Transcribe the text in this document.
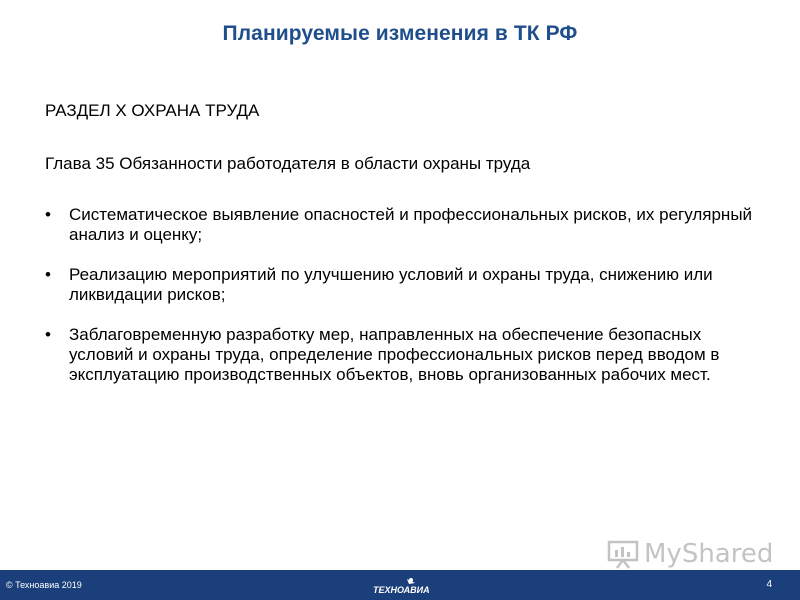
Планируемые изменения в ТК РФ
РАЗДЕЛ X ОХРАНА ТРУДА
Глава 35 Обязанности работодателя в области охраны труда
• Систематическое выявление опасностей и профессиональных рисков, их регулярный анализ и оценку;
• Реализацию мероприятий по улучшению условий и охраны труда, снижению или ликвидации рисков;
• Заблаговременную разработку мер, направленных на обеспечение безопасных условий и охраны труда, определение профессиональных рисков перед вводом в эксплуатацию производственных объектов, вновь организованных рабочих мест.
MyShared
© Техноавиа 2019	ТЕХНОАВИА	4
